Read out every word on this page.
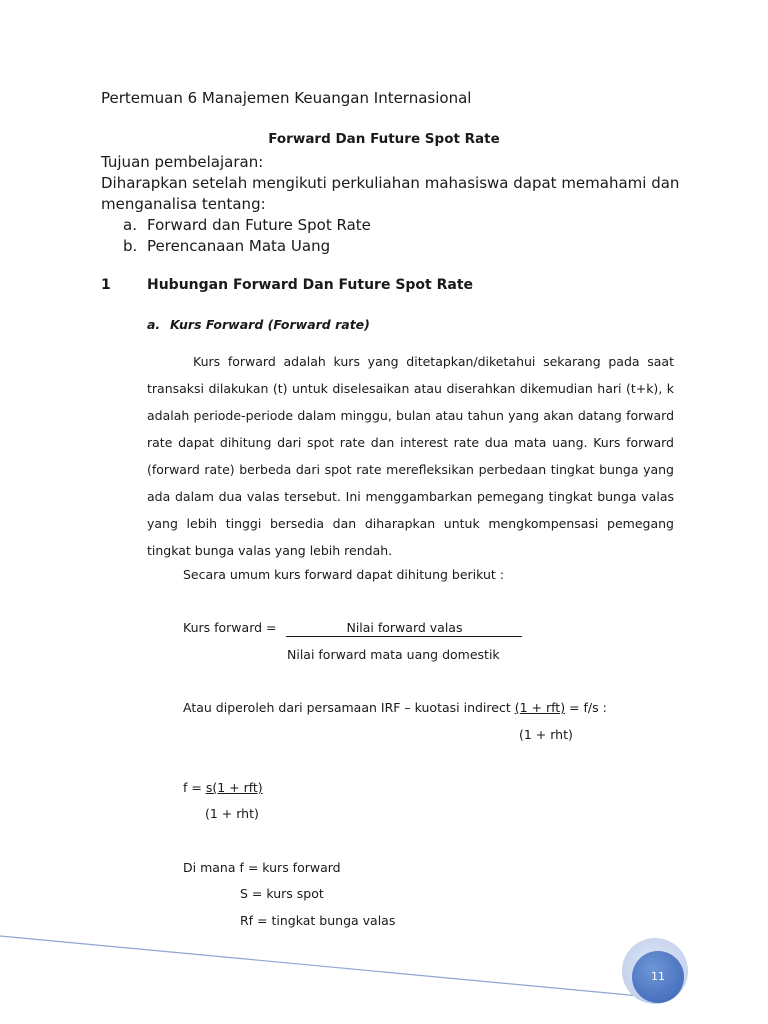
Pertemuan 6 Manajemen Keuangan Internasional
Forward Dan Future Spot Rate

Tujuan pembelajaran:

Diharapkan setelah mengikuti perkuliahan mahasiswa dapat memahami dan

menganalisa tentang:

a. Forward dan Future Spot Rate
b. Perencanaan Mata Uang
1	Hubungan Forward Dan Future Spot Rate
a. Kurs Forward (Forward rate)

Kurs forward adalah kurs yang ditetapkan/diketahui sekarang pada saat transaksi dilakukan (t) untuk diselesaikan atau diserahkan dikemudian hari (t+k), k adalah periode-periode dalam minggu, bulan atau tahun yang akan datang forward rate dapat dihitung dari spot rate dan interest rate dua mata uang. Kurs forward (forward rate) berbeda dari spot rate merefleksikan perbedaan tingkat bunga yang ada dalam dua valas tersebut. Ini menggambarkan pemegang tingkat bunga valas yang lebih tinggi bersedia dan diharapkan untuk mengkompensasi pemegang tingkat bunga valas yang lebih rendah.

Secara umum kurs forward dapat dihitung berikut :
Kurs forward =	Nilai forward valas
Nilai forward mata uang domestik
Atau diperoleh dari persamaan IRF – kuotasi indirect (1 + rft) = f/s :
(1 + rht)
f = s(1 + rft)
(1 + rht)
Di mana f = kurs forward
S = kurs spot
Rf = tingkat bunga valas
11
